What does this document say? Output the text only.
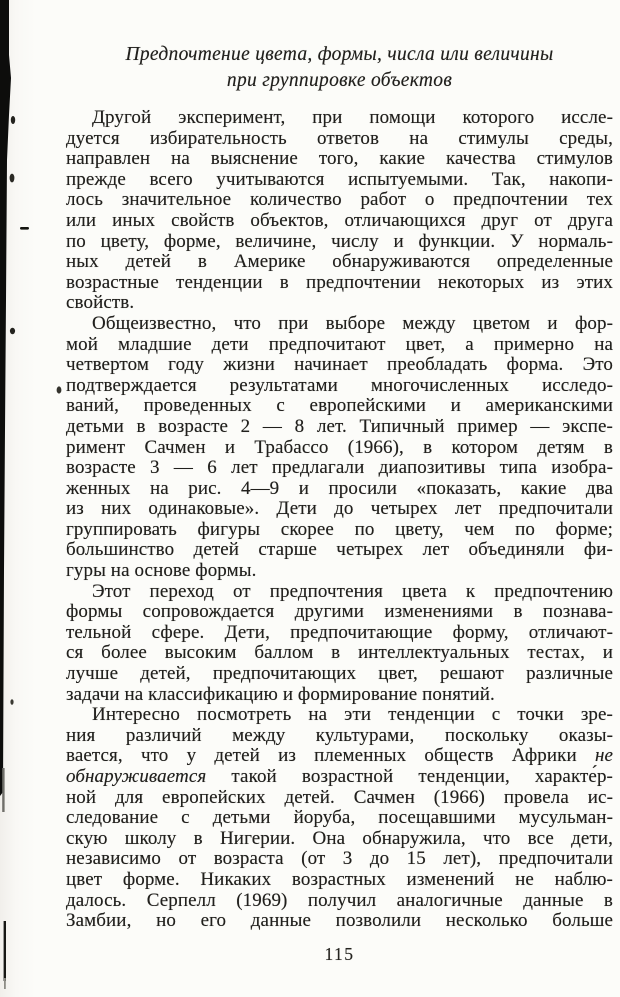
Предпочтение цвета, формы, числа или величины
при группировке объектов
Другой эксперимент, при помощи которого иссле-
дуется избирательность ответов на стимулы среды,
направлен на выяснение того, какие качества стимулов
прежде всего учитываются испытуемыми. Так, накопи-
лось значительное количество работ о предпочтении тех
или иных свойств объектов, отличающихся друг от друга
по цвету, форме, величине, числу и функции. У нормаль-
ных детей в Америке обнаруживаются определенные
возрастные тенденции в предпочтении некоторых из этих
свойств.
Общеизвестно, что при выборе между цветом и фор-
мой младшие дети предпочитают цвет, а примерно на
четвертом году жизни начинает преобладать форма. Это
подтверждается результатами многочисленных исследо-
ваний, проведенных с европейскими и американскими
детьми в возрасте 2 — 8 лет. Типичный пример — экспе-
римент Сачмен и Трабассо (1966), в котором детям в
возрасте 3 — 6 лет предлагали диапозитивы типа изобра-
женных на рис. 4—9 и просили «показать, какие два
из них одинаковые». Дети до четырех лет предпочитали
группировать фигуры скорее по цвету, чем по форме;
большинство детей старше четырех лет объединяли фи-
гуры на основе формы.
Этот переход от предпочтения цвета к предпочтению
формы сопровождается другими изменениями в познава-
тельной сфере. Дети, предпочитающие форму, отличают-
ся более высоким баллом в интеллектуальных тестах, и
лучше детей, предпочитающих цвет, решают различные
задачи на классификацию и формирование понятий.
Интересно посмотреть на эти тенденции с точки зре-
ния различий между культурами, поскольку оказы-
вается, что у детей из племенных обществ Африки не
обнаруживается такой возрастной тенденции, характе́р-
ной для европейских детей. Сачмен (1966) провела ис-
следование с детьми йоруба, посещавшими мусульман-
скую школу в Нигерии. Она обнаружила, что все дети,
независимо от возраста (от 3 до 15 лет), предпочитали
цвет форме. Никаких возрастных изменений не наблю-
далось. Серпелл (1969) получил аналогичные данные в
Замбии, но его данные позволили несколько больше
115
